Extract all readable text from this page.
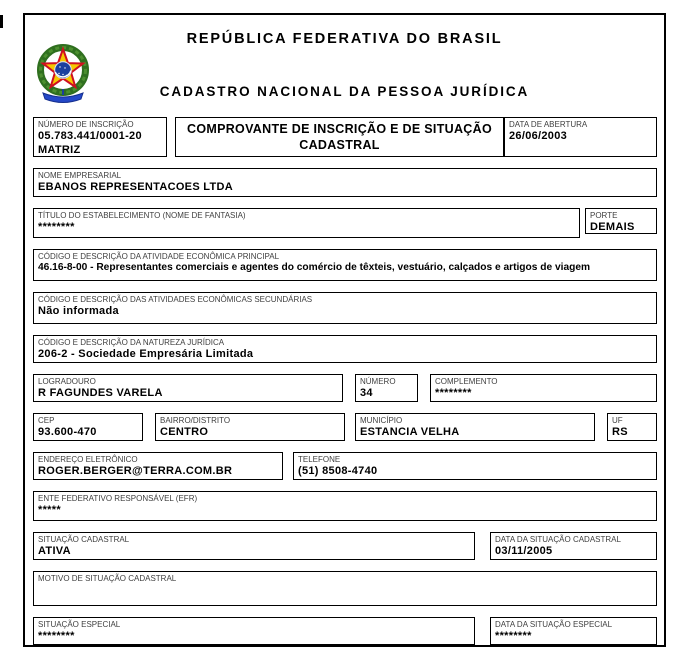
REPÚBLICA FEDERATIVA DO BRASIL
CADASTRO NACIONAL DA PESSOA JURÍDICA
NÚMERO DE INSCRIÇÃO
05.783.441/0001-20
MATRIZ
COMPROVANTE DE INSCRIÇÃO E DE SITUAÇÃO CADASTRAL
DATA DE ABERTURA
26/06/2003
NOME EMPRESARIAL
EBANOS REPRESENTACOES LTDA
TÍTULO DO ESTABELECIMENTO (NOME DE FANTASIA)
********
PORTE
DEMAIS
CÓDIGO E DESCRIÇÃO DA ATIVIDADE ECONÔMICA PRINCIPAL
46.16-8-00 - Representantes comerciais e agentes do comércio de têxteis, vestuário, calçados e artigos de viagem
CÓDIGO E DESCRIÇÃO DAS ATIVIDADES ECONÔMICAS SECUNDÁRIAS
Não informada
CÓDIGO E DESCRIÇÃO DA NATUREZA JURÍDICA
206-2 - Sociedade Empresária Limitada
LOGRADOURO
R FAGUNDES VARELA
NÚMERO
34
COMPLEMENTO
********
CEP
93.600-470
BAIRRO/DISTRITO
CENTRO
MUNICÍPIO
ESTANCIA VELHA
UF
RS
ENDEREÇO ELETRÔNICO
ROGER.BERGER@TERRA.COM.BR
TELEFONE
(51) 8508-4740
ENTE FEDERATIVO RESPONSÁVEL (EFR)
*****
SITUAÇÃO CADASTRAL
ATIVA
DATA DA SITUAÇÃO CADASTRAL
03/11/2005
MOTIVO DE SITUAÇÃO CADASTRAL
SITUAÇÃO ESPECIAL
********
DATA DA SITUAÇÃO ESPECIAL
********
